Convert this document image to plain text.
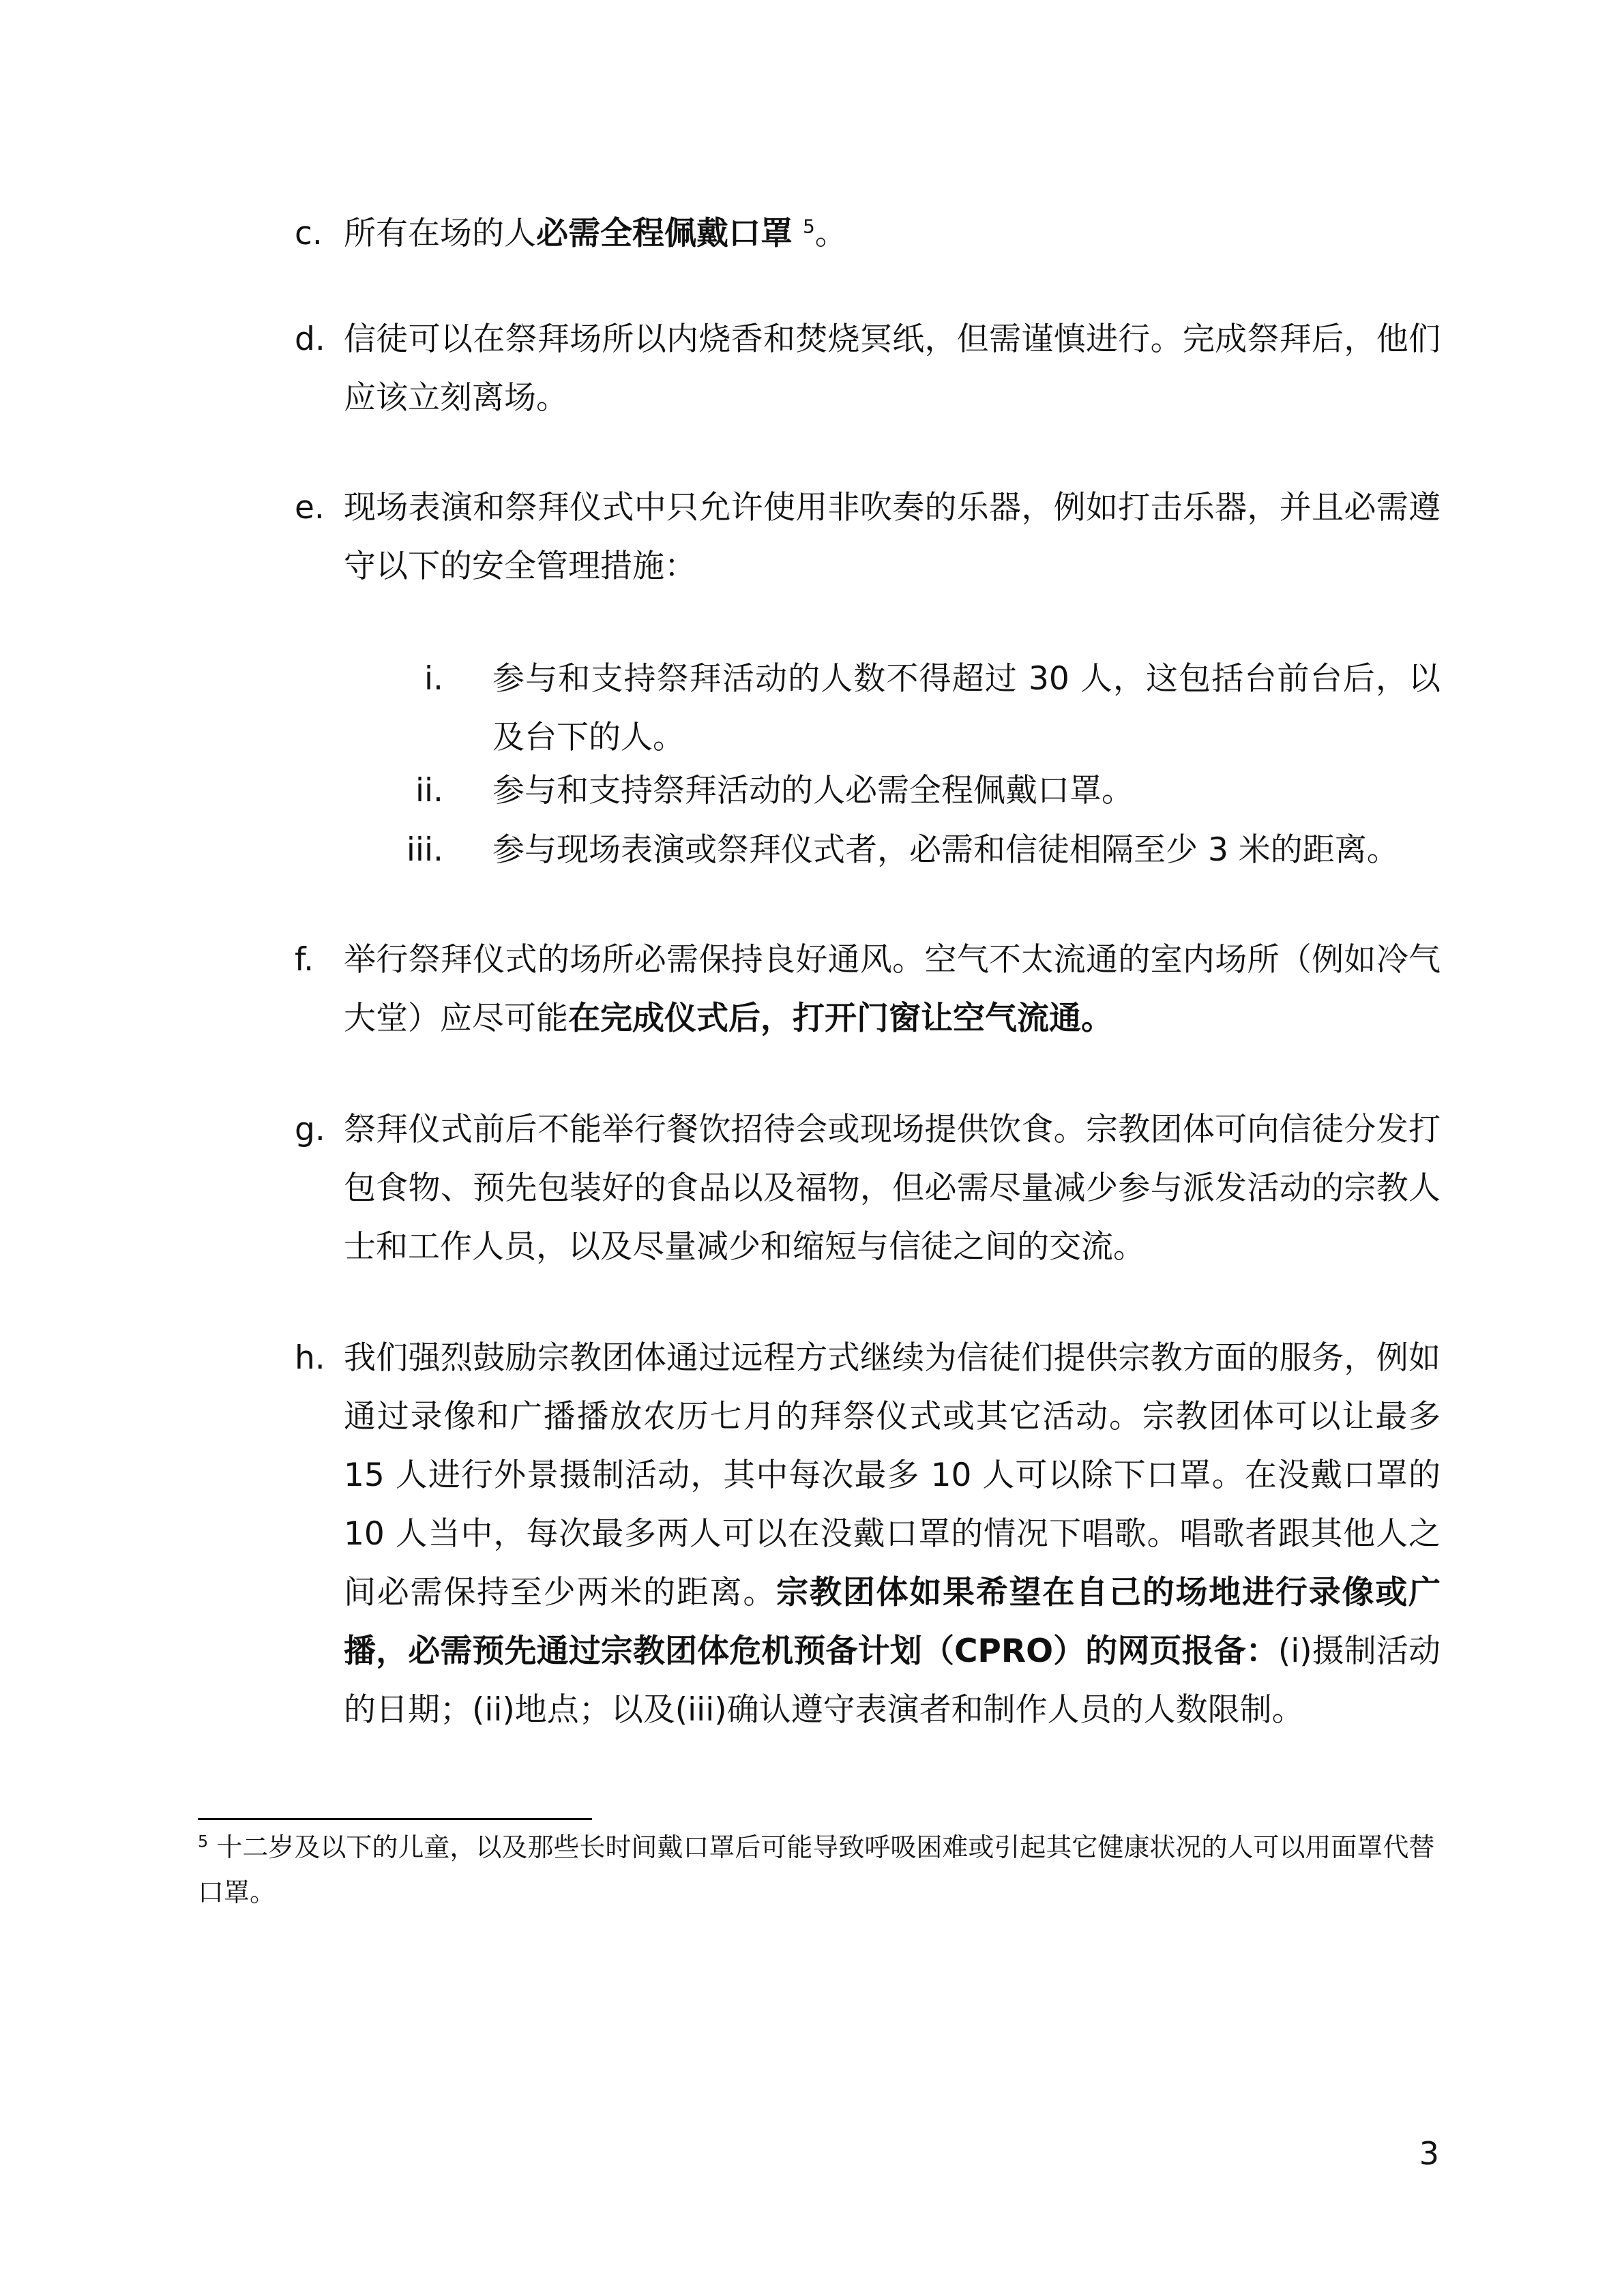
c. 所有在场的人必需全程佩戴口罩 $^5$。
d. 信徒可以在祭拜场所以内烧香和焚烧冥纸，但需谨慎进行。完成祭拜后，他们应该立刻离场。
e. 现场表演和祭拜仪式中只允许使用非吹奏的乐器，例如打击乐器，并且必需遵守以下的安全管理措施：
i. 参与和支持祭拜活动的人数不得超过 30 人，这包括台前台后，以及台下的人。
ii. 参与和支持祭拜活动的人必需全程佩戴口罩。
iii. 参与现场表演或祭拜仪式者，必需和信徒相隔至少 3 米的距离。
f. 举行祭拜仪式的场所必需保持良好通风。空气不太流通的室内场所（例如冷气大堂）应尽可能在完成仪式后，打开门窗让空气流通。
g. 祭拜仪式前后不能举行餐饮招待会或现场提供饮食。宗教团体可向信徒分发打包食物、预先包装好的食品以及福物，但必需尽量减少参与派发活动的宗教人士和工作人员，以及尽量减少和缩短与信徒之间的交流。
h. 我们强烈鼓励宗教团体通过远程方式继续为信徒们提供宗教方面的服务，例如通过录像和广播播放农历七月的拜祭仪式或其它活动。宗教团体可以让最多 15 人进行外景摄制活动，其中每次最多 10 人可以除下口罩。在没戴口罩的 10 人当中，每次最多两人可以在没戴口罩的情况下唱歌。唱歌者跟其他人之间必需保持至少两米的距离。宗教团体如果希望在自己的场地进行录像或广播，必需预先通过宗教团体危机预备计划（CPRO）的网页报备：(i)摄制活动的日期；(ii)地点；以及(iii)确认遵守表演者和制作人员的人数限制。
$^5$ 十二岁及以下的儿童，以及那些长时间戴口罩后可能导致呼吸困难或引起其它健康状况的人可以用面罩代替口罩。
3
